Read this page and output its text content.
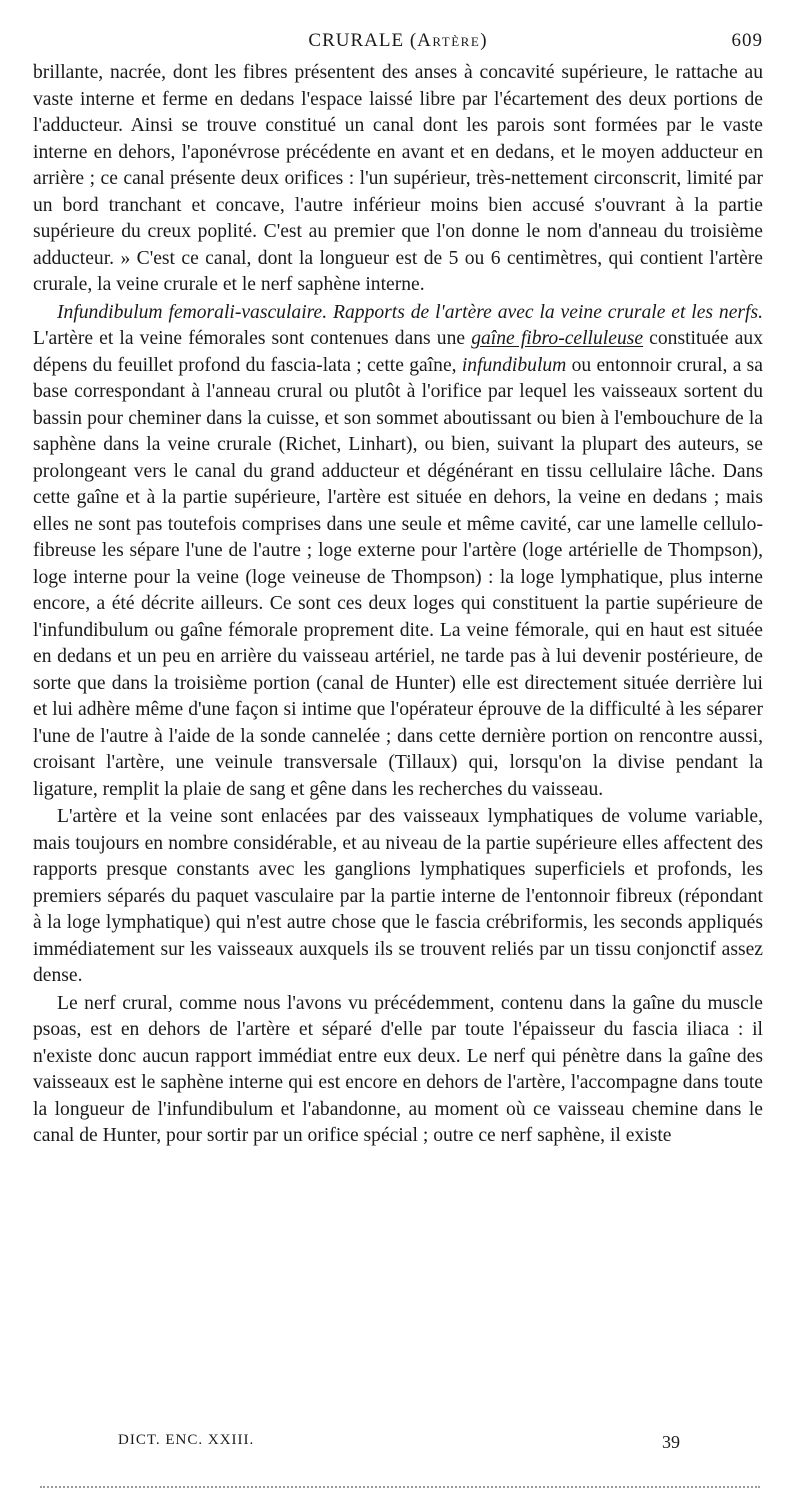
CRURALE (Artère)	609

brillante, nacrée, dont les fibres présentent des anses à concavité supérieure, le rattache au vaste interne et ferme en dedans l'espace laissé libre par l'écartement des deux portions de l'adducteur. Ainsi se trouve constitué un canal dont les parois sont formées par le vaste interne en dehors, l'aponévrose précédente en avant et en dedans, et le moyen adducteur en arrière ; ce canal présente deux orifices : l'un supérieur, très-nettement circonscrit, limité par un bord tranchant et concave, l'autre inférieur moins bien accusé s'ouvrant à la partie supérieure du creux poplité. C'est au premier que l'on donne le nom d'anneau du troisième adducteur. » C'est ce canal, dont la longueur est de 5 ou 6 centimètres, qui contient l'artère crurale, la veine crurale et le nerf saphène interne.

Infundibulum femorali-vasculaire. Rapports de l'artère avec la veine crurale et les nerfs. L'artère et la veine fémorales sont contenues dans une gaîne fibro-celluleuse constituée aux dépens du feuillet profond du fascia-lata ; cette gaîne, infundibulum ou entonnoir crural, a sa base correspondant à l'anneau crural ou plutôt à l'orifice par lequel les vaisseaux sortent du bassin pour cheminer dans la cuisse, et son sommet aboutissant ou bien à l'embouchure de la saphène dans la veine crurale (Richet, Linhart), ou bien, suivant la plupart des auteurs, se prolongeant vers le canal du grand adducteur et dégénérant en tissu cellulaire lâche. Dans cette gaîne et à la partie supérieure, l'artère est située en dehors, la veine en dedans ; mais elles ne sont pas toutefois comprises dans une seule et même cavité, car une lamelle cellulo-fibreuse les sépare l'une de l'autre ; loge externe pour l'artère (loge artérielle de Thompson), loge interne pour la veine (loge veineuse de Thompson) : la loge lymphatique, plus interne encore, a été décrite ailleurs. Ce sont ces deux loges qui constituent la partie supérieure de l'infundibulum ou gaîne fémorale proprement dite. La veine fémorale, qui en haut est située en dedans et un peu en arrière du vaisseau artériel, ne tarde pas à lui devenir postérieure, de sorte que dans la troisième portion (canal de Hunter) elle est directement située derrière lui et lui adhère même d'une façon si intime que l'opérateur éprouve de la difficulté à les séparer l'une de l'autre à l'aide de la sonde cannelée ; dans cette dernière portion on rencontre aussi, croisant l'artère, une veinule transversale (Tillaux) qui, lorsqu'on la divise pendant la ligature, remplit la plaie de sang et gêne dans les recherches du vaisseau.

L'artère et la veine sont enlacées par des vaisseaux lymphatiques de volume variable, mais toujours en nombre considérable, et au niveau de la partie supérieure elles affectent des rapports presque constants avec les ganglions lymphatiques superficiels et profonds, les premiers séparés du paquet vasculaire par la partie interne de l'entonnoir fibreux (répondant à la loge lymphatique) qui n'est autre chose que le fascia crébriformis, les seconds appliqués immédiatement sur les vaisseaux auxquels ils se trouvent reliés par un tissu conjonctif assez dense.

Le nerf crural, comme nous l'avons vu précédemment, contenu dans la gaîne du muscle psoas, est en dehors de l'artère et séparé d'elle par toute l'épaisseur du fascia iliaca : il n'existe donc aucun rapport immédiat entre eux deux. Le nerf qui pénètre dans la gaîne des vaisseaux est le saphène interne qui est encore en dehors de l'artère, l'accompagne dans toute la longueur de l'infundibulum et l'abandonne, au moment où ce vaisseau chemine dans le canal de Hunter, pour sortir par un orifice spécial ; outre ce nerf saphène, il existe

DICT. ENC. XXIII.	39
